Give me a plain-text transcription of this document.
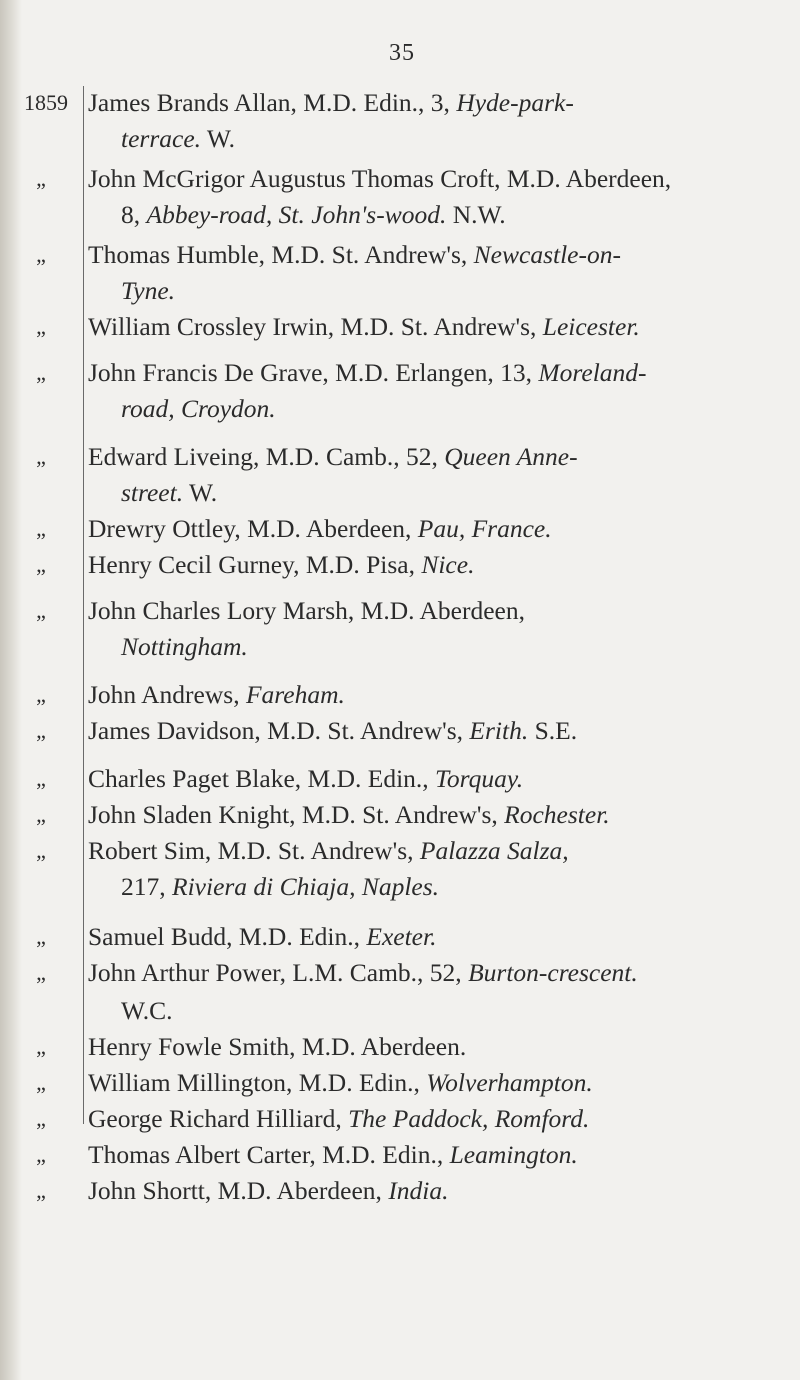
35
1859
„
„
„
„
„
„
„
„
„
„
„
„
„
„
„
„
„
„
„
„
James Brands Allan, M.D. Edin., 3, Hyde-park-
terrace. W.
John McGrigor Augustus Thomas Croft, M.D. Aberdeen,
8, Abbey-road, St. John's-wood. N.W.
Thomas Humble, M.D. St. Andrew's, Newcastle-on-
Tyne.
William Crossley Irwin, M.D. St. Andrew's, Leicester.
John Francis De Grave, M.D. Erlangen, 13, Moreland-
road, Croydon.
Edward Liveing, M.D. Camb., 52, Queen Anne-
street. W.
Drewry Ottley, M.D. Aberdeen, Pau, France.
Henry Cecil Gurney, M.D. Pisa, Nice.
John Charles Lory Marsh, M.D. Aberdeen,
Nottingham.
John Andrews, Fareham.
James Davidson, M.D. St. Andrew's, Erith. S.E.
Charles Paget Blake, M.D. Edin., Torquay.
John Sladen Knight, M.D. St. Andrew's, Rochester.
Robert Sim, M.D. St. Andrew's, Palazza Salza,
217, Riviera di Chiaja, Naples.
Samuel Budd, M.D. Edin., Exeter.
John Arthur Power, L.M. Camb., 52, Burton-crescent.
W.C.
Henry Fowle Smith, M.D. Aberdeen.
William Millington, M.D. Edin., Wolverhampton.
George Richard Hilliard, The Paddock, Romford.
Thomas Albert Carter, M.D. Edin., Leamington.
John Shortt, M.D. Aberdeen, India.
